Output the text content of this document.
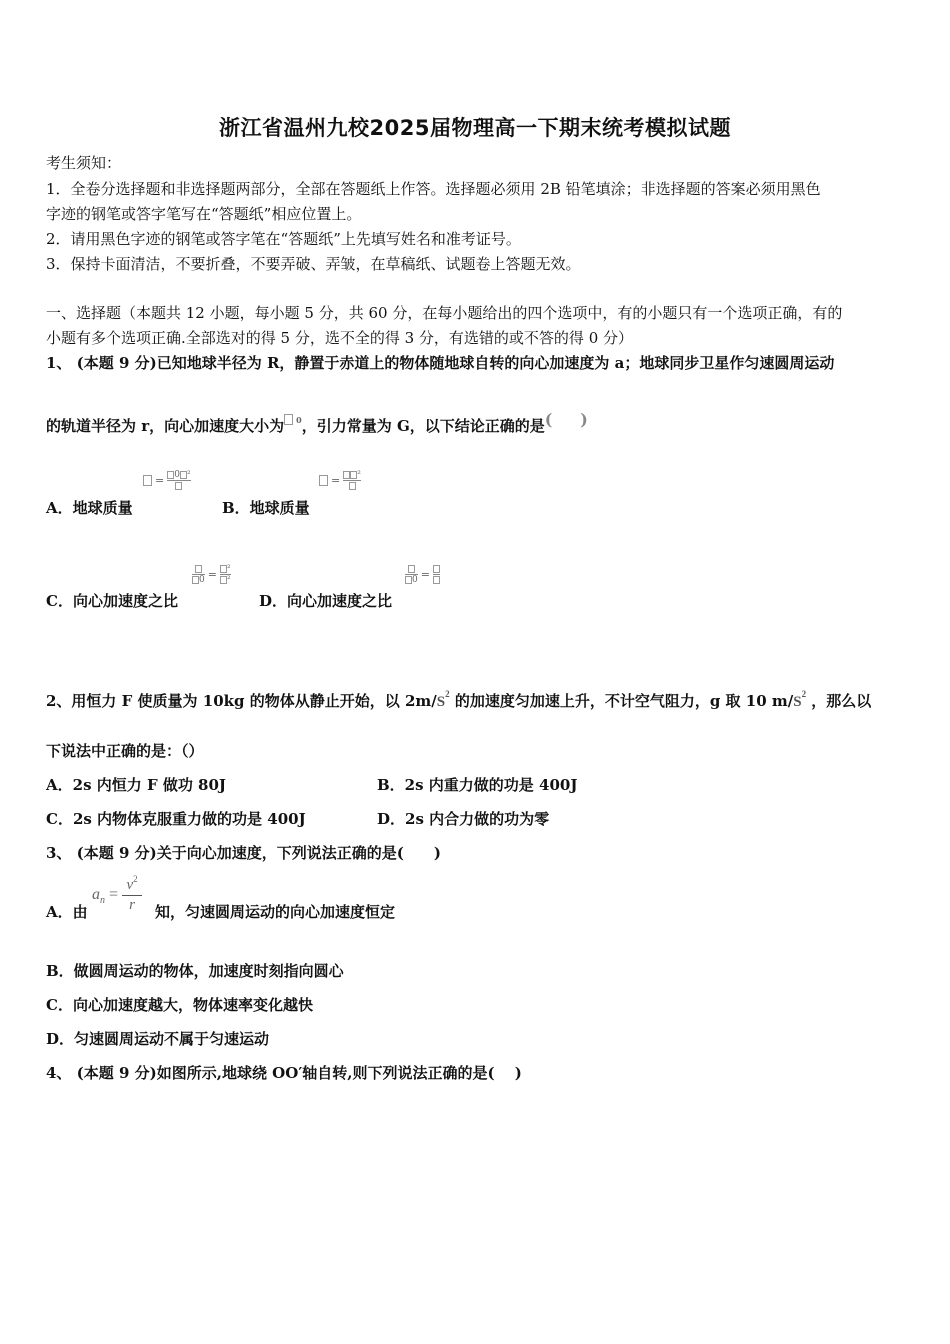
浙江省温州九校2025届物理高一下期末统考模拟试题
考生须知：
1．全卷分选择题和非选择题两部分，全部在答题纸上作答。选择题必须用 2B 铅笔填涂；非选择题的答案必须用黑色
字迹的钢笔或答字笔写在“答题纸”相应位置上。
2．请用黑色字迹的钢笔或答字笔在“答题纸”上先填写姓名和准考证号。
3．保持卡面清洁，不要折叠，不要弄破、弄皱，在草稿纸、试题卷上答题无效。
一、选择题（本题共 12 小题，每小题 5 分，共 60 分，在每小题给出的四个选项中，有的小题只有一个选项正确，有的
小题有多个选项正确.全部选对的得 5 分，选不全的得 3 分，有选错的或不答的得 0 分）
1、 (本题 9 分)已知地球半径为 R，静置于赤道上的物体随地球自转的向心加速度为 a；地球同步卫星作匀速圆周运动
的轨道半径为 r，向心加速度大小为 0 ，引力常量为 G，以下结论正确的是(     )
A．地球质量
=	0 ²
B．地球质量
=	²
C．向心加速度之比
$0 = \frac{\text{²}}{\text{²}}$
D．向心加速度之比
0 =
2、用恒力 F 使质量为 10kg 的物体从静止开始，以 $2m/S^2$ 的加速度匀加速上升，不计空气阻力，g 取 10 $m/S^2$ ，那么以
下说法中正确的是：（）
A．2s 内恒力 F 做功 80J	B．2s 内重力做的功是 400J
C．2s 内物体克服重力做的功是 400J	D．2s 内合力做的功为零
3、 (本题 9 分)关于向心加速度，下列说法正确的是(　　)
A．由
$a_n$ =
$v^2$
r 知，匀速圆周运动的向心加速度恒定
B．做圆周运动的物体，加速度时刻指向圆心
C．向心加速度越大，物体速率变化越快
D．匀速圆周运动不属于匀速运动
4、 (本题 9 分)如图所示,地球绕 OO′轴自转,则下列说法正确的是(　 )
